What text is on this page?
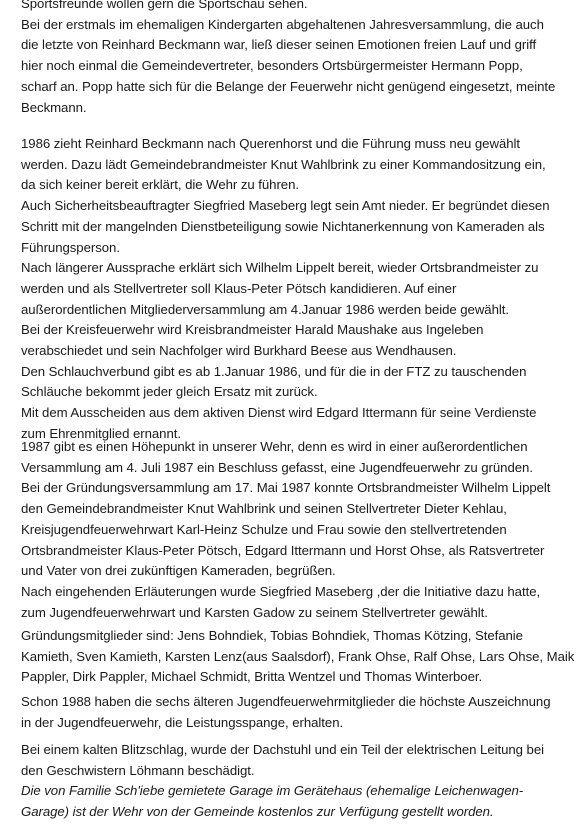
Sportsfreunde wollen gern die Sportschau sehen.
Bei der erstmals im ehemaligen Kindergarten abgehaltenen Jahresversammlung, die auch
die letzte von Reinhard Beckmann war, ließ dieser seinen Emotionen freien Lauf und griff
hier noch einmal die Gemeindevertreter, besonders Ortsbürgermeister Hermann Popp,
scharf an. Popp hatte sich für die Belange der Feuerwehr nicht genügend eingesetzt, meinte
Beckmann.
1986 zieht Reinhard Beckmann nach Querenhorst und die Führung muss neu gewählt
werden. Dazu lädt Gemeindebrandmeister Knut Wahlbrink zu einer Kommandositzung ein,
da sich keiner bereit erklärt, die Wehr zu führen.
Auch Sicherheitsbeauftragter Siegfried Maseberg legt sein Amt nieder. Er begründet diesen
Schritt mit der mangelnden Dienstbeteiligung sowie Nichtanerkennung von Kameraden als
Führungsperson.
Nach längerer Aussprache erklärt sich Wilhelm Lippelt bereit, wieder Ortsbrandmeister zu
werden und als Stellvertreter soll Klaus-Peter Pötsch kandidieren. Auf einer
außerordentlichen Mitgliederversammlung am 4.Januar 1986 werden beide gewählt.
Bei der Kreisfeuerwehr wird Kreisbrandmeister Harald Maushake aus Ingeleben
verabschiedet und sein Nachfolger wird Burkhard Beese aus Wendhausen.
Den Schlauchverbund gibt es ab 1.Januar 1986, und für die in der FTZ zu tauschenden
Schläuche bekommt jeder gleich Ersatz mit zurück.
Mit dem Ausscheiden aus dem aktiven Dienst wird Edgard Ittermann für seine Verdienste
zum Ehrenmitglied ernannt.
1987 gibt es einen Höhepunkt in unserer Wehr, denn es wird in einer außerordentlichen
Versammlung am 4. Juli 1987 ein Beschluss gefasst, eine Jugendfeuerwehr zu gründen.
Bei der Gründungsversammlung am 17. Mai 1987 konnte Ortsbrandmeister Wilhelm Lippelt
den Gemeindebrandmeister Knut Wahlbrink und seinen Stellvertreter Dieter Kehlau,
Kreisjugendfeuerwehrwart Karl-Heinz Schulze und Frau sowie den stellvertretenden
Ortsbrandmeister Klaus-Peter Pötsch, Edgard Ittermann und Horst Ohse, als Ratsvertreter
und Vater von drei zukünftigen Kameraden, begrüßen.
Nach eingehenden Erläuterungen wurde Siegfried Maseberg ,der die Initiative dazu hatte,
zum Jugendfeuerwehrwart und Karsten Gadow zu seinem Stellvertreter gewählt.
Gründungsmitglieder sind: Jens Bohndiek, Tobias Bohndiek, Thomas Kötzing, Stefanie
Kamieth, Sven Kamieth, Karsten Lenz(aus Saalsdorf), Frank Ohse, Ralf Ohse, Lars Ohse, Maik
Pappler, Dirk Pappler, Michael Schmidt, Britta Wentzel und Thomas Winterboer.
Schon 1988 haben die sechs älteren Jugendfeuerwehrmitglieder die höchste Auszeichnung
in der Jugendfeuerwehr, die Leistungsspange, erhalten.
Bei einem kalten Blitzschlag, wurde der Dachstuhl und ein Teil der elektrischen Leitung bei
den Geschwistern Löhmann beschädigt.
Die von Familie Sch'iebe gemietete Garage im Gerätehaus (ehemalige Leichenwagen-
Garage) ist der Wehr von der Gemeinde kostenlos zur Verfügung gestellt worden.
